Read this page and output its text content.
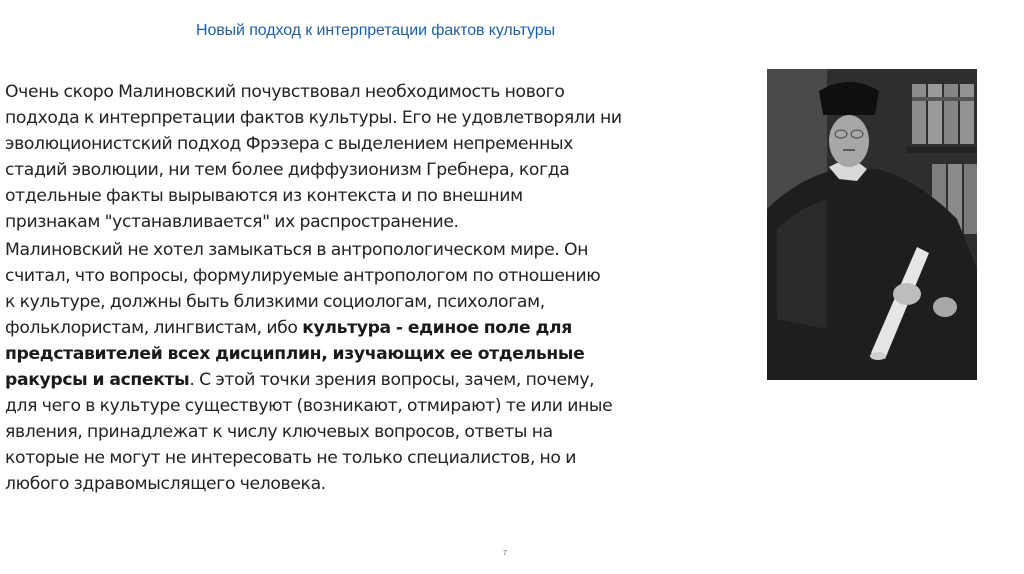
Новый подход к интерпретации фактов культуры

Очень скоро Малиновский почувствовал необходимость нового
подхода к интерпретации фактов культуры. Его не удовлетворяли ни
эволюционистский подход Фрэзера с выделением непременных
стадий эволюции, ни тем более диффузионизм Гребнера, когда
отдельные факты вырываются из контекста и по внешним
признакам "устанавливается" их распространение.

Малиновский не хотел замыкаться в антропологическом мире. Он
считал, что вопросы, формулируемые антропологом по отношению
к культуре, должны быть близкими социологам, психологам,
фольклористам, лингвистам, ибо культура - единое поле для
представителей всех дисциплин, изучающих ее отдельные
ракурсы и аспекты. С этой точки зрения вопросы, зачем, почему,
для чего в культуре существуют (возникают, отмирают) те или иные
явления, принадлежат к числу ключевых вопросов, ответы на
которые не могут не интересовать не только специалистов, но и
любого здравомыслящего человека.

7
